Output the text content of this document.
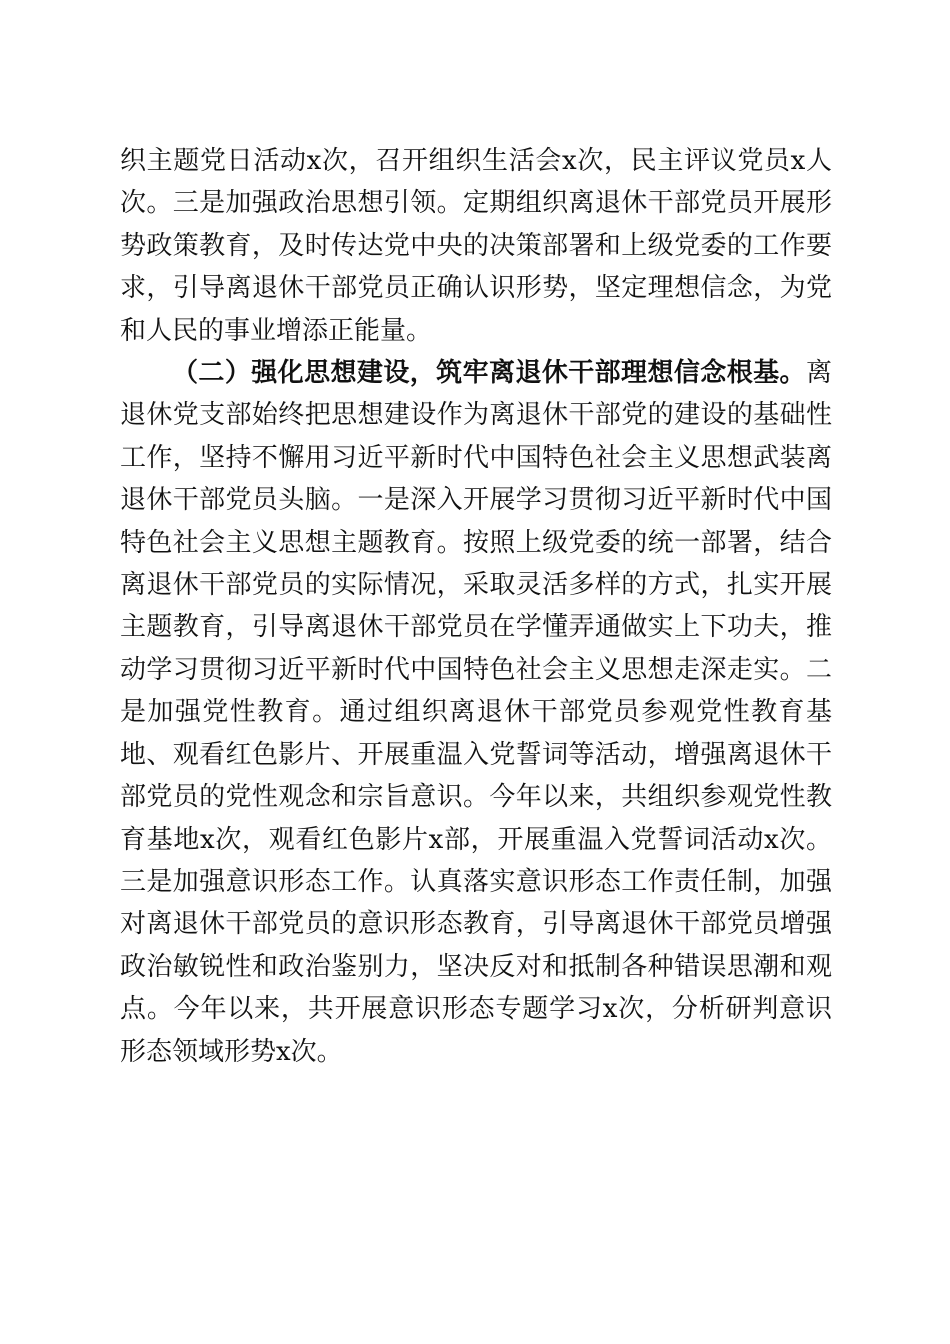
织主题党日活动x次，召开组织生活会x次，民主评议党员x人次。三是加强政治思想引领。定期组织离退休干部党员开展形势政策教育，及时传达党中央的决策部署和上级党委的工作要求，引导离退休干部党员正确认识形势，坚定理想信念，为党和人民的事业增添正能量。

（二）强化思想建设，筑牢离退休干部理想信念根基。离退休党支部始终把思想建设作为离退休干部党的建设的基础性工作，坚持不懈用习近平新时代中国特色社会主义思想武装离退休干部党员头脑。一是深入开展学习贯彻习近平新时代中国特色社会主义思想主题教育。按照上级党委的统一部署，结合离退休干部党员的实际情况，采取灵活多样的方式，扎实开展主题教育，引导离退休干部党员在学懂弄通做实上下功夫，推动学习贯彻习近平新时代中国特色社会主义思想走深走实。二是加强党性教育。通过组织离退休干部党员参观党性教育基地、观看红色影片、开展重温入党誓词等活动，增强离退休干部党员的党性观念和宗旨意识。今年以来，共组织参观党性教育基地x次，观看红色影片x部，开展重温入党誓词活动x次。三是加强意识形态工作。认真落实意识形态工作责任制，加强对离退休干部党员的意识形态教育，引导离退休干部党员增强政治敏锐性和政治鉴别力，坚决反对和抵制各种错误思潮和观点。今年以来，共开展意识形态专题学习x次，分析研判意识形态领域形势x次。
